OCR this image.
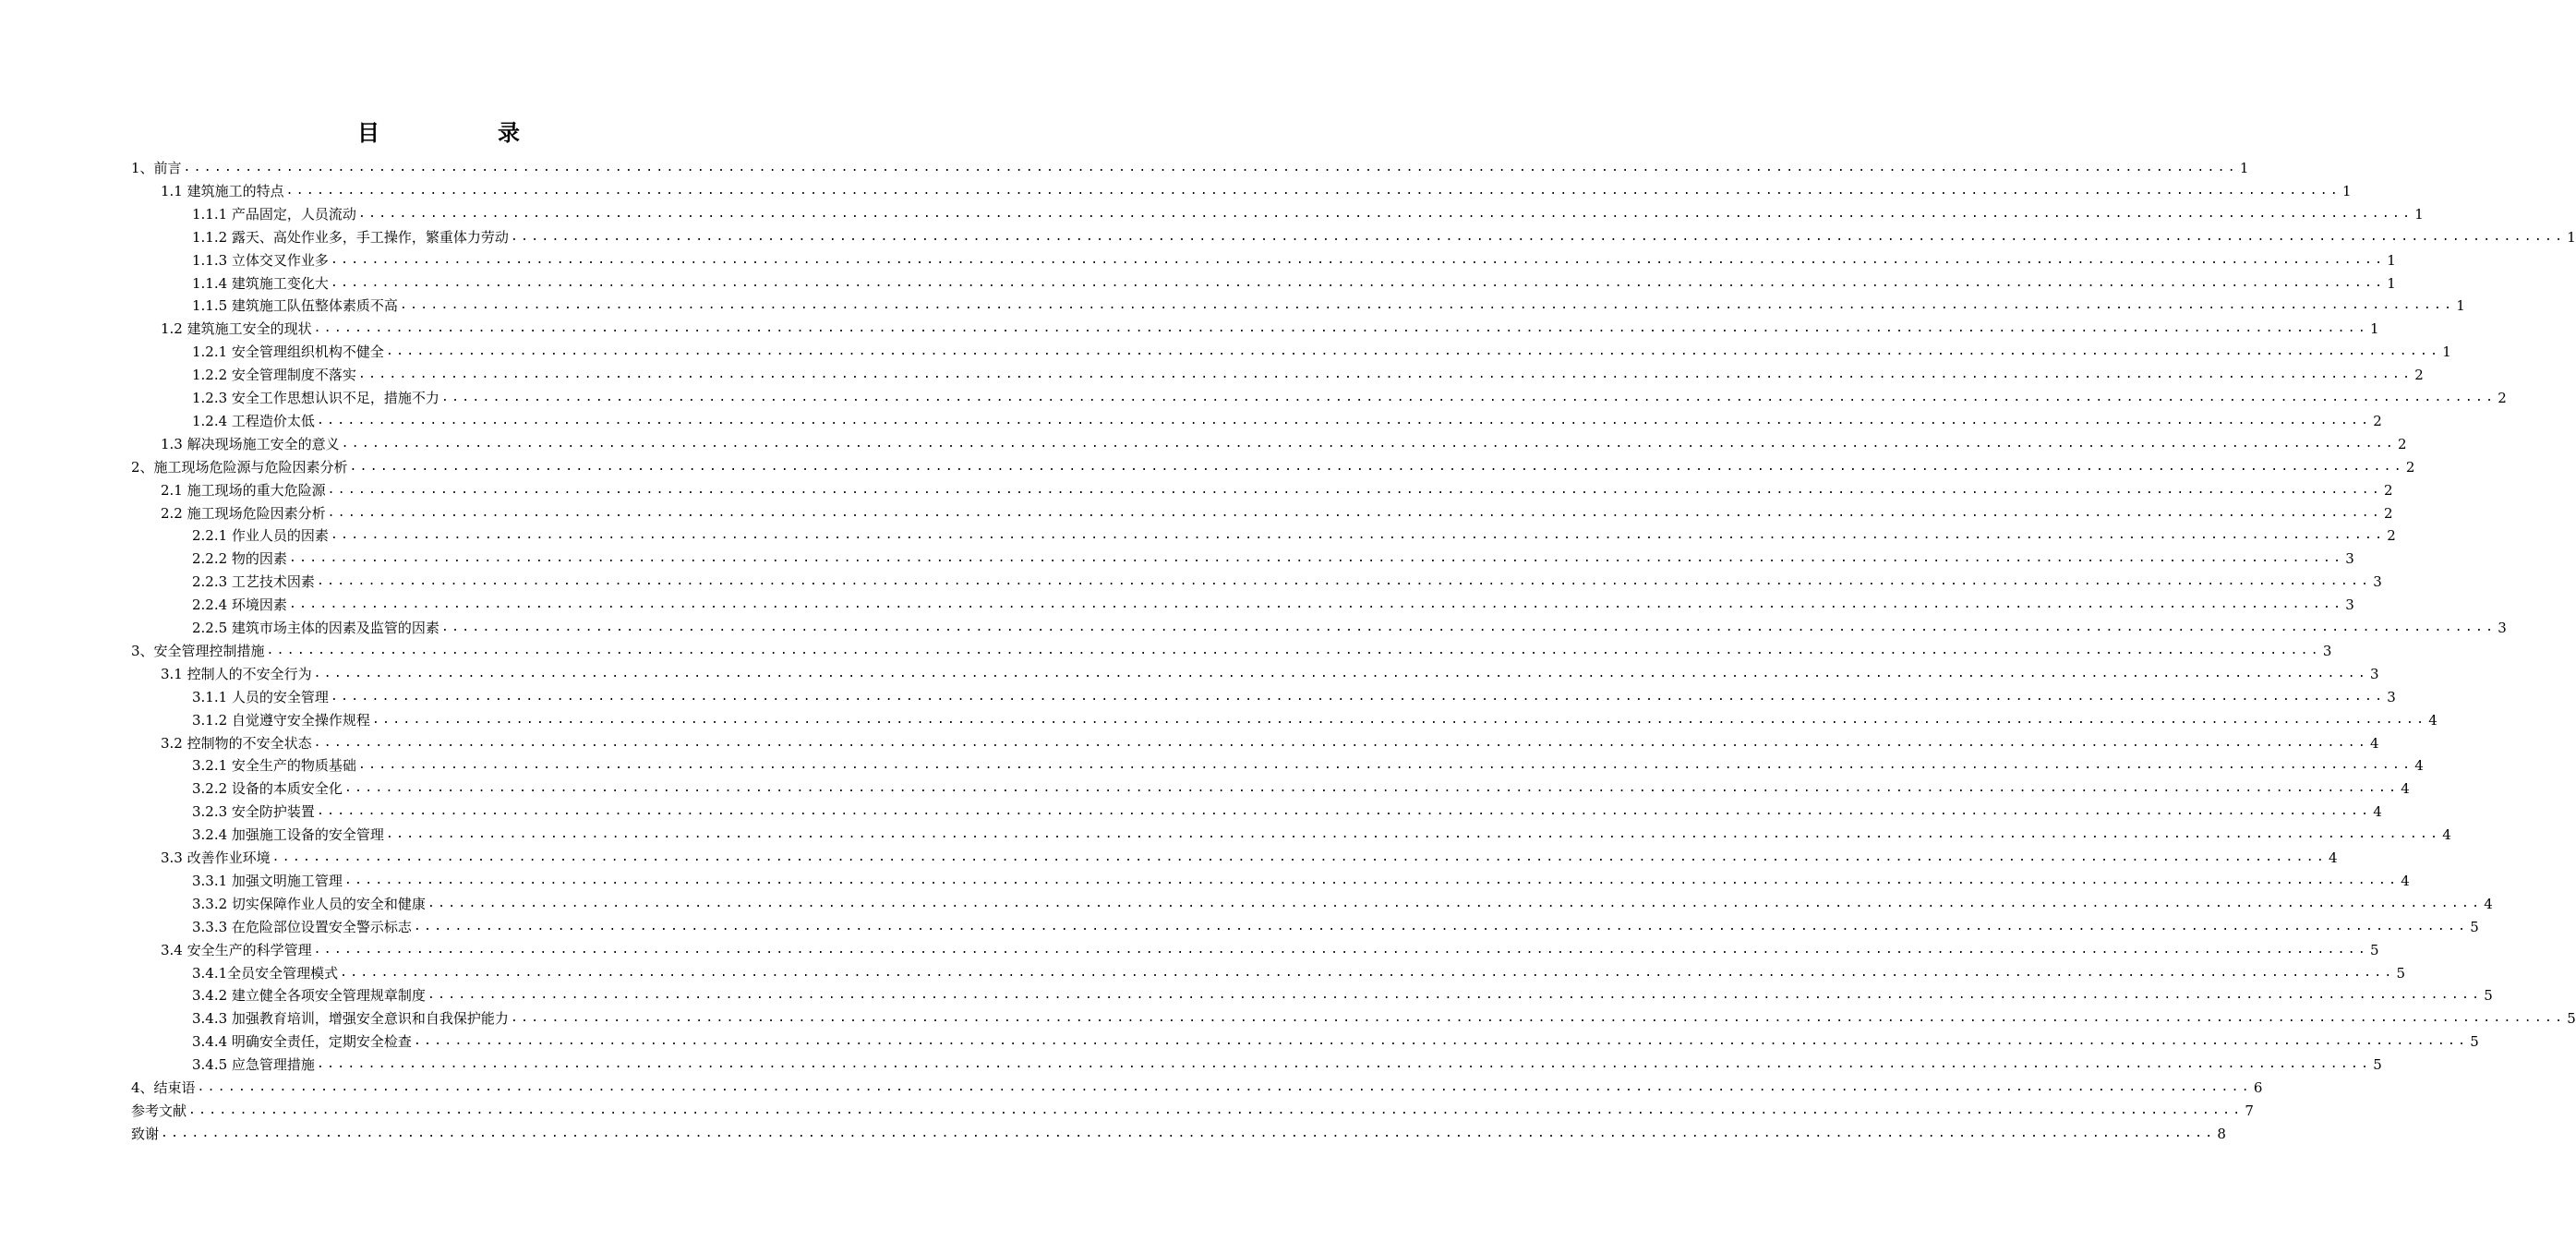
目　录
1、前言 ........................................................................................................................................................................................................ 1
1.1 建筑施工的特点 ........................................................................................................................................................................................................ 1
1.1.1 产品固定，人员流动 ........................................................................................................................................................................................................ 1
1.1.2 露天、高处作业多，手工操作，繁重体力劳动 ........................................................................................................................................................................................................ 1
1.1.3 立体交叉作业多 ........................................................................................................................................................................................................ 1
1.1.4 建筑施工变化大 ........................................................................................................................................................................................................ 1
1.1.5 建筑施工队伍整体素质不高 ........................................................................................................................................................................................................ 1
1.2 建筑施工安全的现状 ........................................................................................................................................................................................................ 1
1.2.1 安全管理组织机构不健全 ........................................................................................................................................................................................................ 1
1.2.2 安全管理制度不落实 ........................................................................................................................................................................................................ 2
1.2.3 安全工作思想认识不足，措施不力 ........................................................................................................................................................................................................ 2
1.2.4 工程造价太低 ........................................................................................................................................................................................................ 2
1.3 解决现场施工安全的意义 ........................................................................................................................................................................................................ 2
2、施工现场危险源与危险因素分析 ........................................................................................................................................................................................................ 2
2.1 施工现场的重大危险源 ........................................................................................................................................................................................................ 2
2.2 施工现场危险因素分析 ........................................................................................................................................................................................................ 2
2.2.1 作业人员的因素 ........................................................................................................................................................................................................ 2
2.2.2 物的因素 ........................................................................................................................................................................................................ 3
2.2.3 工艺技术因素 ........................................................................................................................................................................................................ 3
2.2.4 环境因素 ........................................................................................................................................................................................................ 3
2.2.5 建筑市场主体的因素及监管的因素 ........................................................................................................................................................................................................ 3
3、安全管理控制措施 ........................................................................................................................................................................................................ 3
3.1 控制人的不安全行为 ........................................................................................................................................................................................................ 3
3.1.1 人员的安全管理 ........................................................................................................................................................................................................ 3
3.1.2 自觉遵守安全操作规程 ........................................................................................................................................................................................................ 4
3.2 控制物的不安全状态 ........................................................................................................................................................................................................ 4
3.2.1 安全生产的物质基础 ........................................................................................................................................................................................................ 4
3.2.2 设备的本质安全化 ........................................................................................................................................................................................................ 4
3.2.3 安全防护装置 ........................................................................................................................................................................................................ 4
3.2.4 加强施工设备的安全管理 ........................................................................................................................................................................................................ 4
3.3 改善作业环境 ........................................................................................................................................................................................................ 4
3.3.1 加强文明施工管理 ........................................................................................................................................................................................................ 4
3.3.2 切实保障作业人员的安全和健康 ........................................................................................................................................................................................................ 4
3.3.3 在危险部位设置安全警示标志 ........................................................................................................................................................................................................ 5
3.4 安全生产的科学管理 ........................................................................................................................................................................................................ 5
3.4.1全员安全管理模式 ........................................................................................................................................................................................................ 5
3.4.2 建立健全各项安全管理规章制度 ........................................................................................................................................................................................................ 5
3.4.3 加强教育培训，增强安全意识和自我保护能力 ........................................................................................................................................................................................................ 5
3.4.4 明确安全责任，定期安全检查 ........................................................................................................................................................................................................ 5
3.4.5 应急管理措施 ........................................................................................................................................................................................................ 5
4、结束语 ........................................................................................................................................................................................................ 6
参考文献 ........................................................................................................................................................................................................ 7
致谢 ........................................................................................................................................................................................................ 8
